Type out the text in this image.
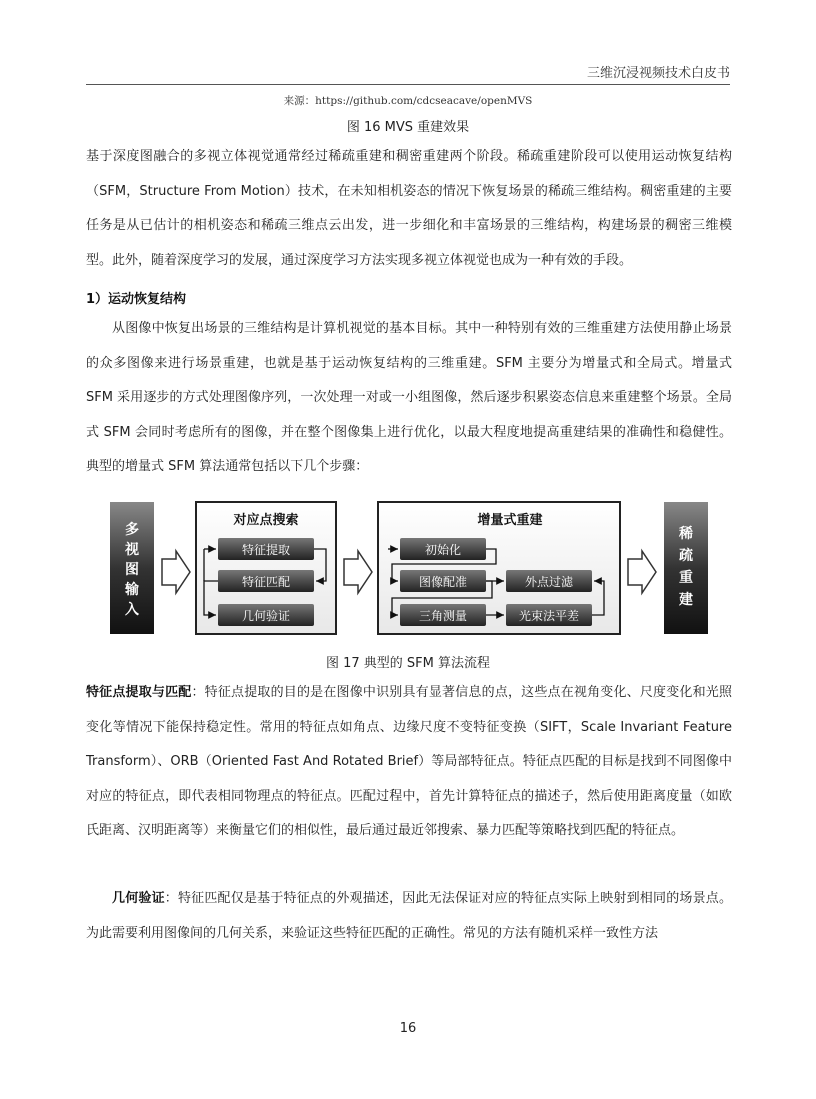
三维沉浸视频技术白皮书
来源：https://github.com/cdcseacave/openMVS
图 16 MVS 重建效果

基于深度图融合的多视立体视觉通常经过稀疏重建和稠密重建两个阶段。稀疏重建阶段可以使用运动恢复结构（SFM，Structure From Motion）技术，在未知相机姿态的情况下恢复场景的稀疏三维结构。稠密重建的主要任务是从已估计的相机姿态和稀疏三维点云出发，进一步细化和丰富场景的三维结构，构建场景的稠密三维模型。此外，随着深度学习的发展，通过深度学习方法实现多视立体视觉也成为一种有效的手段。

1）运动恢复结构

从图像中恢复出场景的三维结构是计算机视觉的基本目标。其中一种特别有效的三维重建方法使用静止场景的众多图像来进行场景重建，也就是基于运动恢复结构的三维重建。SFM 主要分为增量式和全局式。增量式 SFM 采用逐步的方式处理图像序列，一次处理一对或一小组图像，然后逐步积累姿态信息来重建整个场景。全局式 SFM 会同时考虑所有的图像，并在整个图像集上进行优化，以最大程度地提高重建结果的准确性和稳健性。典型的增量式 SFM 算法通常包括以下几个步骤：

多
视
图
输
入
对应点搜索
特征提取
特征匹配
几何验证
增量式重建
初始化
图像配准	外点过滤
三角测量	光束法平差
稀
疏
重
建
图 17 典型的 SFM 算法流程

特征点提取与匹配：特征点提取的目的是在图像中识别具有显著信息的点，这些点在视角变化、尺度变化和光照变化等情况下能保持稳定性。常用的特征点如角点、边缘尺度不变特征变换（SIFT，Scale Invariant Feature Transform）、ORB（Oriented Fast And Rotated Brief）等局部特征点。特征点匹配的目标是找到不同图像中对应的特征点，即代表相同物理点的特征点。匹配过程中，首先计算特征点的描述子，然后使用距离度量（如欧氏距离、汉明距离等）来衡量它们的相似性，最后通过最近邻搜索、暴力匹配等策略找到匹配的特征点。

几何验证：特征匹配仅是基于特征点的外观描述，因此无法保证对应的特征点实际上映射到相同的场景点。为此需要利用图像间的几何关系，来验证这些特征匹配的正确性。常见的方法有随机采样一致性方法

16
